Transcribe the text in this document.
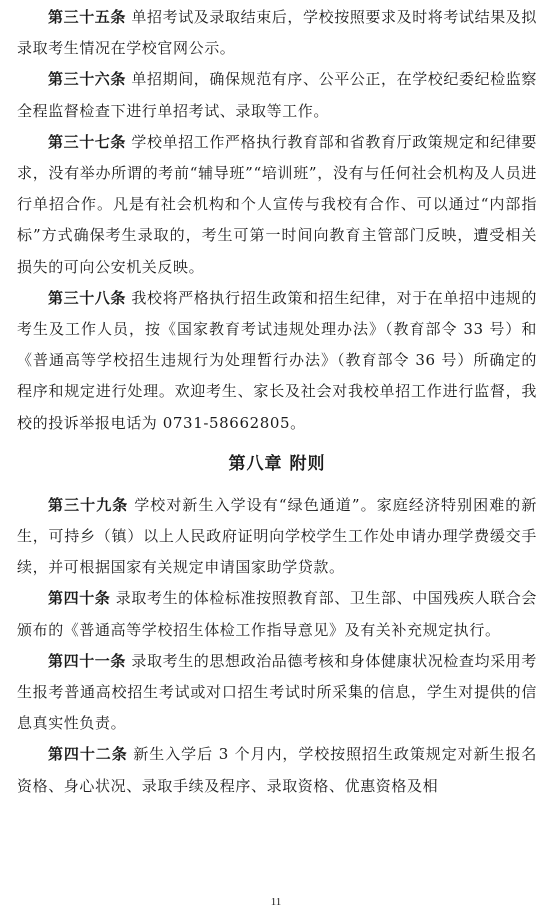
第三十五条 单招考试及录取结束后，学校按照要求及时将考试结果及拟录取考生情况在学校官网公示。

第三十六条 单招期间，确保规范有序、公平公正，在学校纪委纪检监察全程监督检查下进行单招考试、录取等工作。

第三十七条 学校单招工作严格执行教育部和省教育厅政策规定和纪律要求，没有举办所谓的考前“辅导班”“培训班”，没有与任何社会机构及人员进行单招合作。凡是有社会机构和个人宣传与我校有合作、可以通过“内部指标”方式确保考生录取的，考生可第一时间向教育主管部门反映，遭受相关损失的可向公安机关反映。

第三十八条 我校将严格执行招生政策和招生纪律，对于在单招中违规的考生及工作人员，按《国家教育考试违规处理办法》（教育部令 33 号）和《普通高等学校招生违规行为处理暂行办法》（教育部令 36 号）所确定的程序和规定进行处理。欢迎考生、家长及社会对我校单招工作进行监督，我校的投诉举报电话为 0731-58662805。

第八章 附则

第三十九条 学校对新生入学设有“绿色通道”。家庭经济特别困难的新生，可持乡（镇）以上人民政府证明向学校学生工作处申请办理学费缓交手续，并可根据国家有关规定申请国家助学贷款。

第四十条 录取考生的体检标准按照教育部、卫生部、中国残疾人联合会颁布的《普通高等学校招生体检工作指导意见》及有关补充规定执行。

第四十一条 录取考生的思想政治品德考核和身体健康状况检查均采用考生报考普通高校招生考试或对口招生考试时所采集的信息，学生对提供的信息真实性负责。

第四十二条 新生入学后 3 个月内，学校按照招生政策规定对新生报名资格、身心状况、录取手续及程序、录取资格、优惠资格及相

11
